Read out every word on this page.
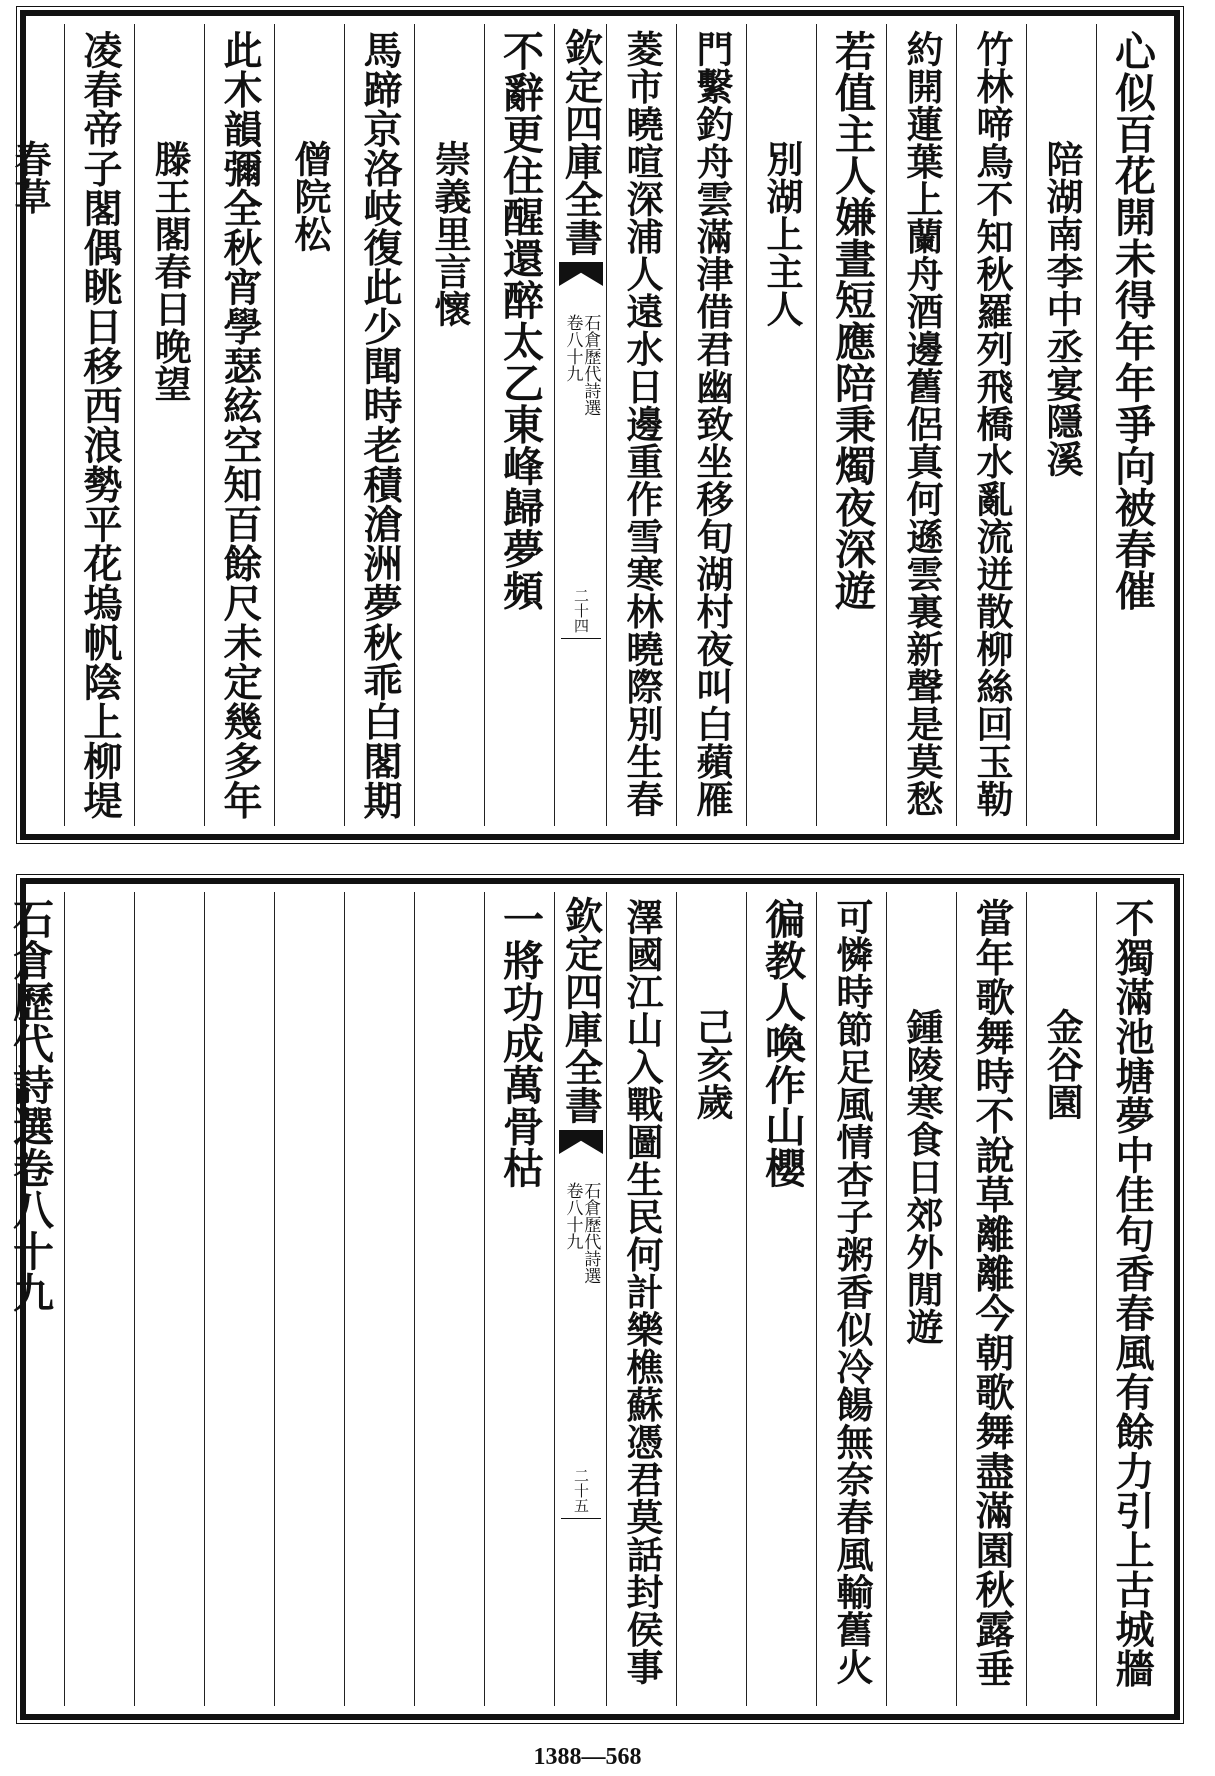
心似百花開未得年年爭向被春催
陪湖南李中丞宴隱溪
竹林啼鳥不知秋羅列飛橋水亂流迸散柳絲回玉勒
約開蓮葉上蘭舟酒邊舊侶真何遜雲裏新聲是莫愁
若值主人嫌晝短應陪秉燭夜深遊
別湖上主人
門繫釣舟雲滿津借君幽致坐移旬湖村夜叫白蘋雁
菱市曉喧深浦人遠水日邊重作雪寒林曉際別生春
欽定四庫全書
石倉歷代詩選
卷八十九
二十四
不辭更住醒還醉太乙東峰歸夢頻
崇義里言懷
馬蹄京洛岐復此少聞時老積滄洲夢秋乖白閣期
僧院松
此木韻彌全秋宵學瑟絃空知百餘尺未定幾多年
滕王閣春日晚望
凌春帝子閣偶眺日移西浪勢平花塢帆陰上柳堤
春草
不獨滿池塘夢中佳句香春風有餘力引上古城牆
金谷園
當年歌舞時不說草離離今朝歌舞盡滿園秋露垂
鍾陵寒食日郊外閒遊
可憐時節足風情杏子粥香似冷餳無奈春風輸舊火
徧教人喚作山櫻
己亥歲
澤國江山入戰圖生民何計樂樵蘇憑君莫話封侯事
欽定四庫全書
石倉歷代詩選
卷八十九
二十五
一將功成萬骨枯
石倉歷代詩選卷八十九
1388—568
